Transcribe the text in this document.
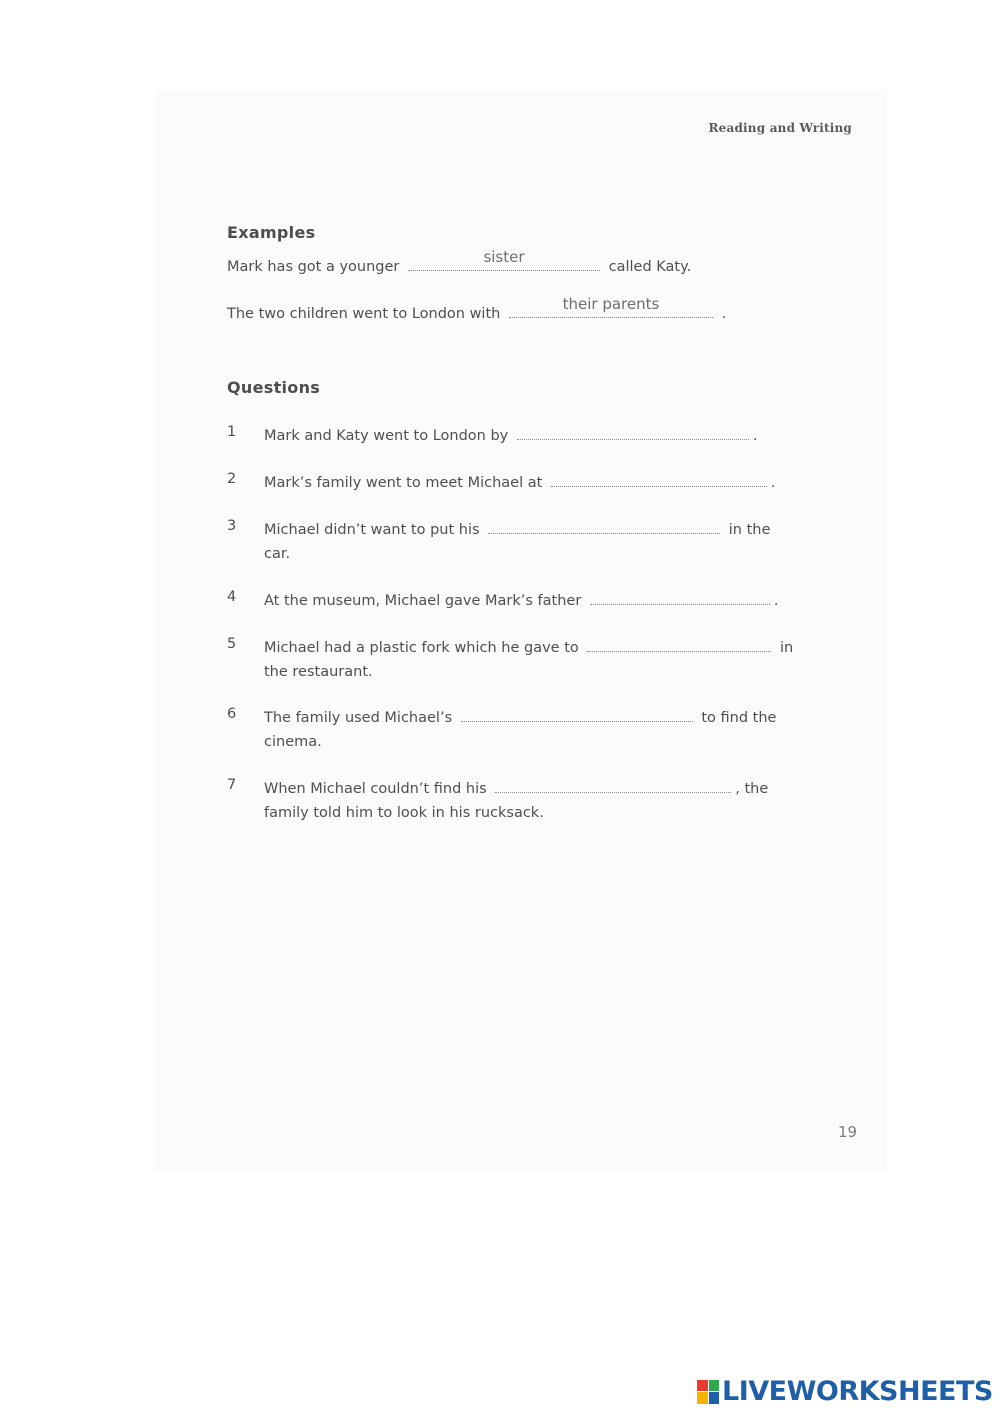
Reading and Writing
Examples
Mark has got a younger
sister
called Katy.
The two children went to London with
their parents
.
Questions
1 Mark and Katy went to London by	.
2 Mark’s family went to meet Michael at	.
3 Michael didn’t want to put his	in the car.
4 At the museum, Michael gave Mark’s father	.
5 Michael had a plastic fork which he gave to	in the restaurant.
6 The family used Michael’s	to find the cinema.
7 When Michael couldn’t find his	, the family told him to look in his rucksack.
19
LIVEWORKSHEETS
